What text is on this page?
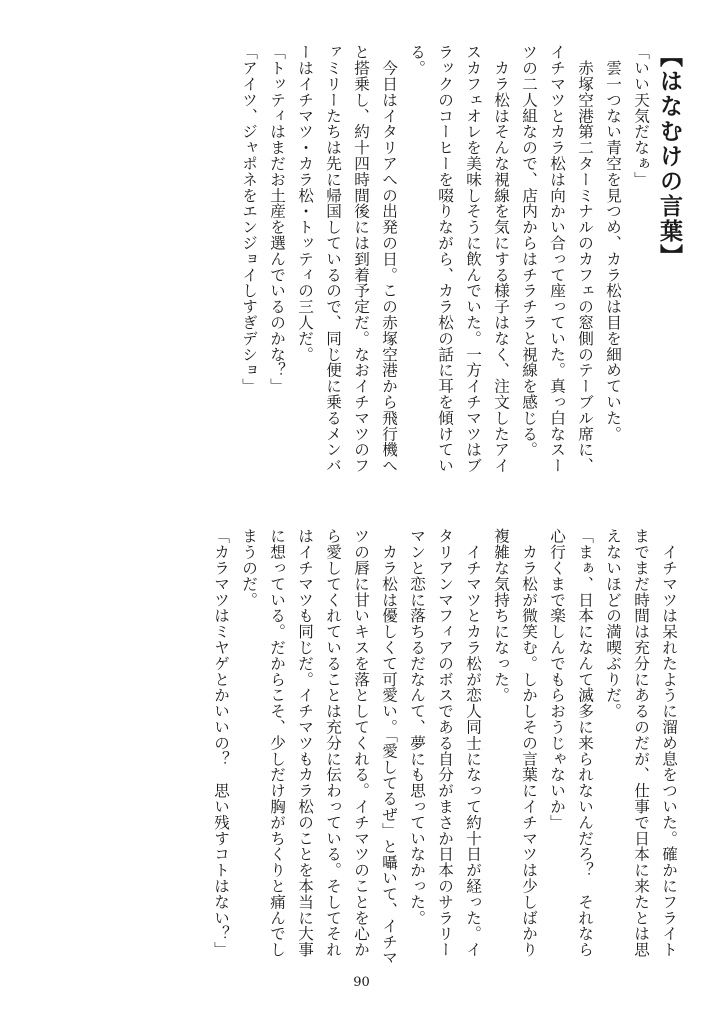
【はなむけの言葉】
「いい天気だなぁ」
　雲一つない青空を見つめ、カラ松は目を細めていた。
　赤塚空港第二ターミナルのカフェの窓側のテーブル席に、イチマツとカラ松は向かい合って座っていた。真っ白なスーツの二人組なので、店内からはチラチラと視線を感じる。
　カラ松はそんな視線を気にする様子はなく、注文したアイスカフェオレを美味しそうに飲んでいた。一方イチマツはブラックのコーヒーを啜りながら、カラ松の話に耳を傾けている。
　今日はイタリアへの出発の日。この赤塚空港から飛行機へと搭乗し、約十四時間後には到着予定だ。なおイチマツのファミリーたちは先に帰国しているので、同じ便に乗るメンバーはイチマツ・カラ松・トッティの三人だ。
「トッティはまだお土産を選んでいるのかな？」
「アイツ、ジャポネをエンジョイしすぎデショ」
　イチマツは呆れたように溜め息をついた。確かにフライトまでまだ時間は充分にあるのだが、仕事で日本に来たとは思えないほどの満喫ぶりだ。
「まぁ、日本になんて滅多に来られないんだろ？　それなら心行くまで楽しんでもらおうじゃないか」
　カラ松が微笑む。しかしその言葉にイチマツは少しばかり複雑な気持ちになった。
　イチマツとカラ松が恋人同士になって約十日が経った。イタリアンマフィアのボスである自分がまさか日本のサラリーマンと恋に落ちるだなんて、夢にも思っていなかった。
　カラ松は優しくて可愛い。「愛してるぜ」と囁いて、イチマツの唇に甘いキスを落としてくれる。イチマツのことを心から愛してくれていることは充分に伝わっている。そしてそれはイチマツも同じだ。イチマツもカラ松のことを本当に大事に想っている。だからこそ、少しだけ胸がちくりと痛んでしまうのだ。
「カラマツはミヤゲとかいいの？　思い残すコトはない？」
90
